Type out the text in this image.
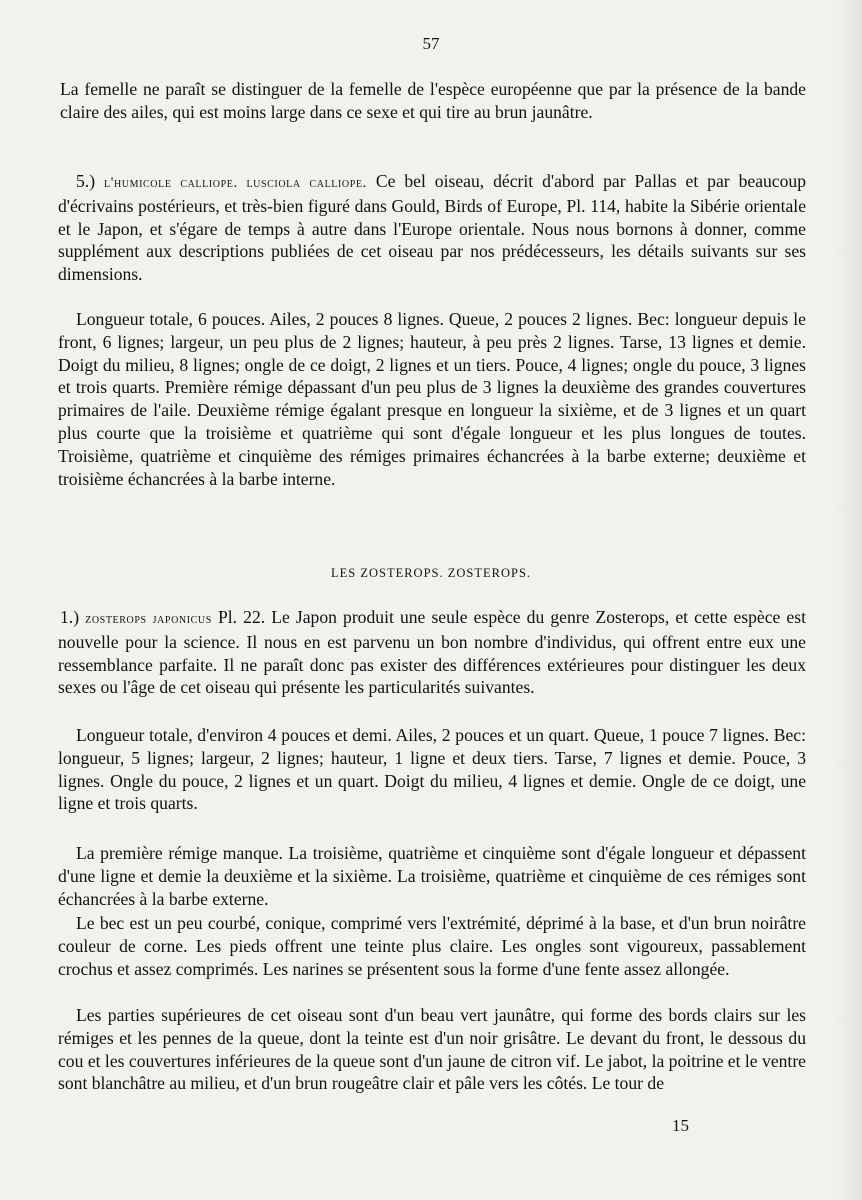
57

La femelle ne paraît se distinguer de la femelle de l'espèce européenne que par la présence de la bande claire des ailes, qui est moins large dans ce sexe et qui tire au brun jaunâtre.

5.) l'humicole calliope. lusciola calliope. Ce bel oiseau, décrit d'abord par Pallas et par beaucoup d'écrivains postérieurs, et très-bien figuré dans Gould, Birds of Europe, Pl. 114, habite la Sibérie orientale et le Japon, et s'égare de temps à autre dans l'Europe orientale. Nous nous bornons à donner, comme supplément aux descriptions publiées de cet oiseau par nos prédécesseurs, les détails suivants sur ses dimensions.

Longueur totale, 6 pouces. Ailes, 2 pouces 8 lignes. Queue, 2 pouces 2 lignes. Bec: longueur depuis le front, 6 lignes; largeur, un peu plus de 2 lignes; hauteur, à peu près 2 lignes. Tarse, 13 lignes et demie. Doigt du milieu, 8 lignes; ongle de ce doigt, 2 lignes et un tiers. Pouce, 4 lignes; ongle du pouce, 3 lignes et trois quarts. Première rémige dépassant d'un peu plus de 3 lignes la deuxième des grandes couvertures primaires de l'aile. Deuxième rémige égalant presque en longueur la sixième, et de 3 lignes et un quart plus courte que la troisième et quatrième qui sont d'égale longueur et les plus longues de toutes. Troisième, quatrième et cinquième des rémiges primaires échancrées à la barbe externe; deuxième et troisième échancrées à la barbe interne.

LES ZOSTEROPS. ZOSTEROPS.

1.) zosterops japonicus Pl. 22. Le Japon produit une seule espèce du genre Zosterops, et cette espèce est nouvelle pour la science. Il nous en est parvenu un bon nombre d'individus, qui offrent entre eux une ressemblance parfaite. Il ne paraît donc pas exister des différences extérieures pour distinguer les deux sexes ou l'âge de cet oiseau qui présente les particularités suivantes.

Longueur totale, d'environ 4 pouces et demi. Ailes, 2 pouces et un quart. Queue, 1 pouce 7 lignes. Bec: longueur, 5 lignes; largeur, 2 lignes; hauteur, 1 ligne et deux tiers. Tarse, 7 lignes et demie. Pouce, 3 lignes. Ongle du pouce, 2 lignes et un quart. Doigt du milieu, 4 lignes et demie. Ongle de ce doigt, une ligne et trois quarts.

La première rémige manque. La troisième, quatrième et cinquième sont d'égale longueur et dépassent d'une ligne et demie la deuxième et la sixième. La troisième, quatrième et cinquième de ces rémiges sont échancrées à la barbe externe.

Le bec est un peu courbé, conique, comprimé vers l'extrémité, déprimé à la base, et d'un brun noirâtre couleur de corne. Les pieds offrent une teinte plus claire. Les ongles sont vigoureux, passablement crochus et assez comprimés. Les narines se présentent sous la forme d'une fente assez allongée.

Les parties supérieures de cet oiseau sont d'un beau vert jaunâtre, qui forme des bords clairs sur les rémiges et les pennes de la queue, dont la teinte est d'un noir grisâtre. Le devant du front, le dessous du cou et les couvertures inférieures de la queue sont d'un jaune de citron vif. Le jabot, la poitrine et le ventre sont blanchâtre au milieu, et d'un brun rougeâtre clair et pâle vers les côtés. Le tour de

15
